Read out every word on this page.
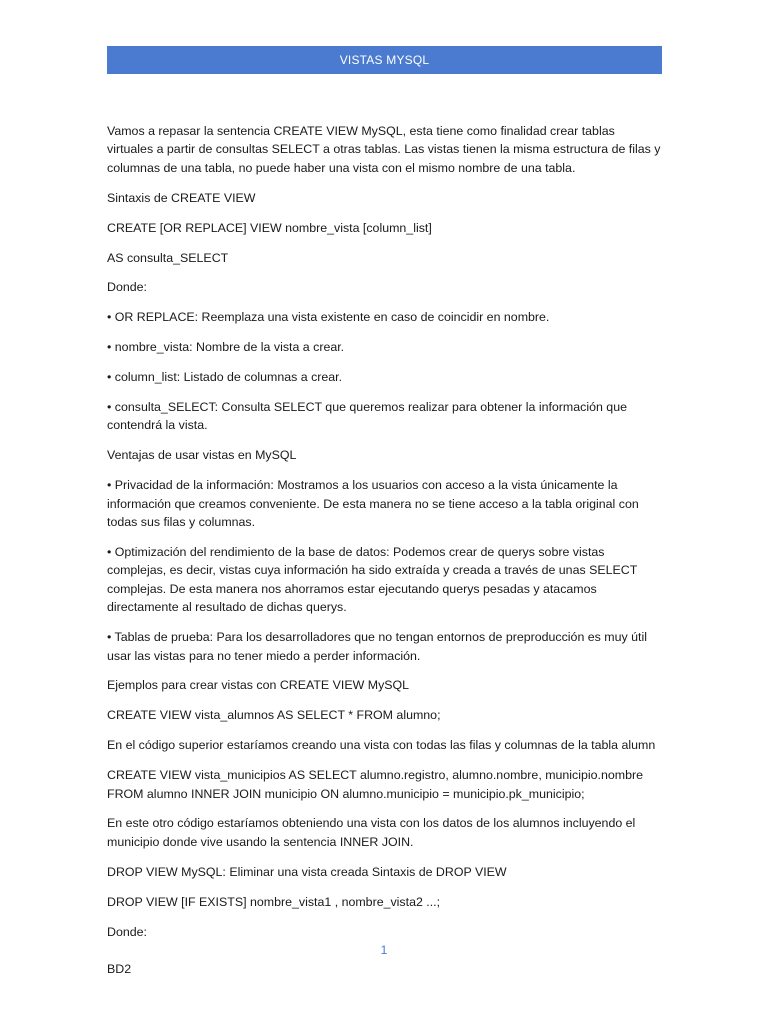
VISTAS MYSQL

Vamos a repasar la sentencia CREATE VIEW MySQL, esta tiene como finalidad crear tablas virtuales a partir de consultas SELECT a otras tablas. Las vistas tienen la misma estructura de filas y columnas de una tabla, no puede haber una vista con el mismo nombre de una tabla.

Sintaxis de CREATE VIEW

CREATE [OR REPLACE] VIEW nombre_vista [column_list]

AS consulta_SELECT

Donde:

• OR REPLACE: Reemplaza una vista existente en caso de coincidir en nombre.

• nombre_vista: Nombre de la vista a crear.

• column_list: Listado de columnas a crear.

• consulta_SELECT: Consulta SELECT que queremos realizar para obtener la información que contendrá la vista.

Ventajas de usar vistas en MySQL

• Privacidad de la información: Mostramos a los usuarios con acceso a la vista únicamente la información que creamos conveniente. De esta manera no se tiene acceso a la tabla original con todas sus filas y columnas.

• Optimización del rendimiento de la base de datos: Podemos crear de querys sobre vistas complejas, es decir, vistas cuya información ha sido extraída y creada a través de unas SELECT complejas. De esta manera nos ahorramos estar ejecutando querys pesadas y atacamos directamente al resultado de dichas querys.

• Tablas de prueba: Para los desarrolladores que no tengan entornos de preproducción es muy útil usar las vistas para no tener miedo a perder información.

Ejemplos para crear vistas con CREATE VIEW MySQL

CREATE VIEW vista_alumnos AS SELECT * FROM alumno;

En el código superior estaríamos creando una vista con todas las filas y columnas de la tabla alumn

CREATE VIEW vista_municipios AS SELECT alumno.registro, alumno.nombre, municipio.nombre FROM alumno INNER JOIN municipio ON alumno.municipio = municipio.pk_municipio;

En este otro código estaríamos obteniendo una vista con los datos de los alumnos incluyendo el municipio donde vive usando la sentencia INNER JOIN.

DROP VIEW MySQL: Eliminar una vista creada Sintaxis de DROP VIEW

DROP VIEW [IF EXISTS] nombre_vista1 , nombre_vista2 ...;

Donde:

1
BD2
